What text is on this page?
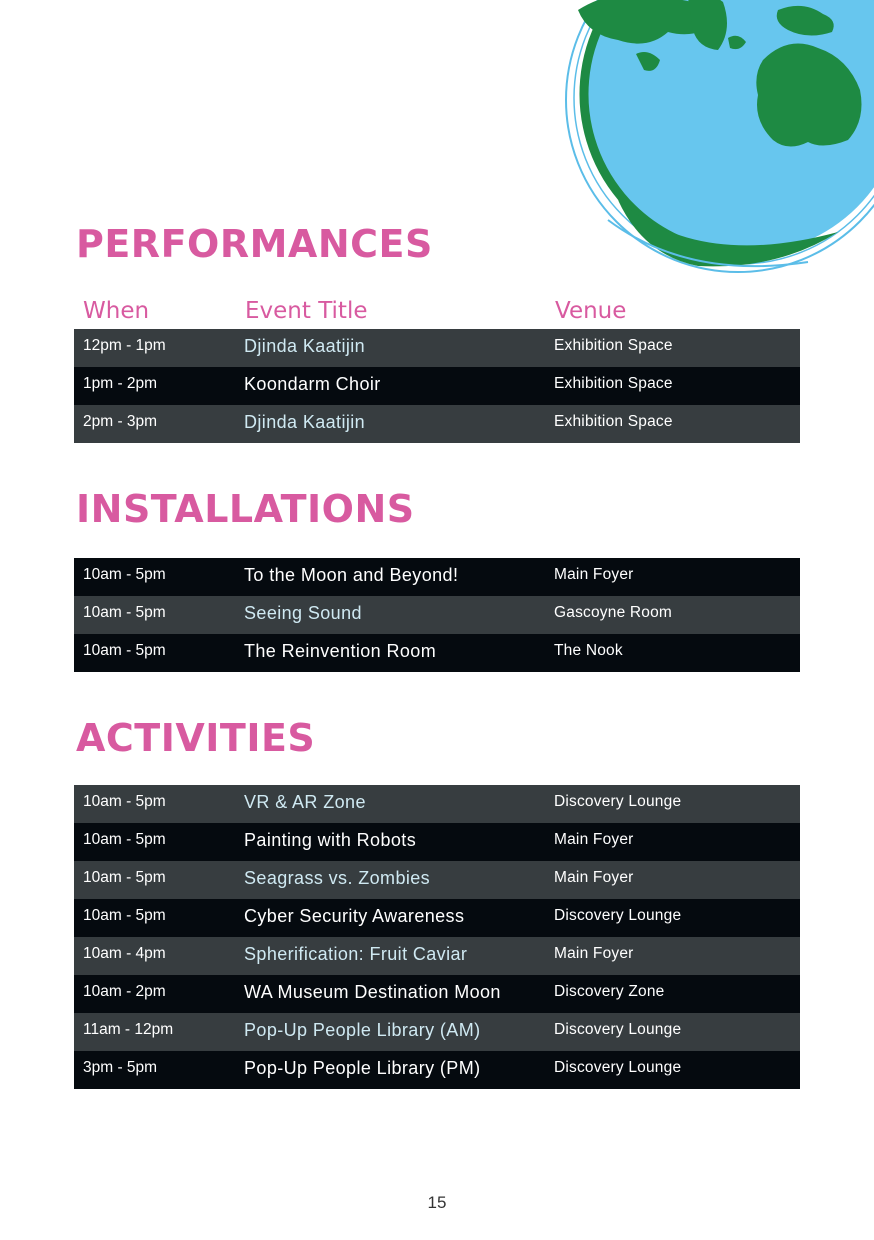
PERFORMANCES
When	Event Title	Venue
12pm - 1pm	Djinda Kaatijin	Exhibition Space
1pm - 2pm	Koondarm Choir	Exhibition Space
2pm - 3pm	Djinda Kaatijin	Exhibition Space
INSTALLATIONS
10am - 5pm	To the Moon and Beyond!	Main Foyer
10am - 5pm	Seeing Sound	Gascoyne Room
10am - 5pm	The Reinvention Room	The Nook
ACTIVITIES
10am - 5pm	VR & AR Zone	Discovery Lounge
10am - 5pm	Painting with Robots	Main Foyer
10am - 5pm	Seagrass vs. Zombies	Main Foyer
10am - 5pm	Cyber Security Awareness	Discovery Lounge
10am - 4pm	Spherification: Fruit Caviar	Main Foyer
10am - 2pm	WA Museum Destination Moon	Discovery Zone
11am - 12pm	Pop-Up People Library (AM)	Discovery Lounge
3pm - 5pm	Pop-Up People Library (PM)	Discovery Lounge
15
